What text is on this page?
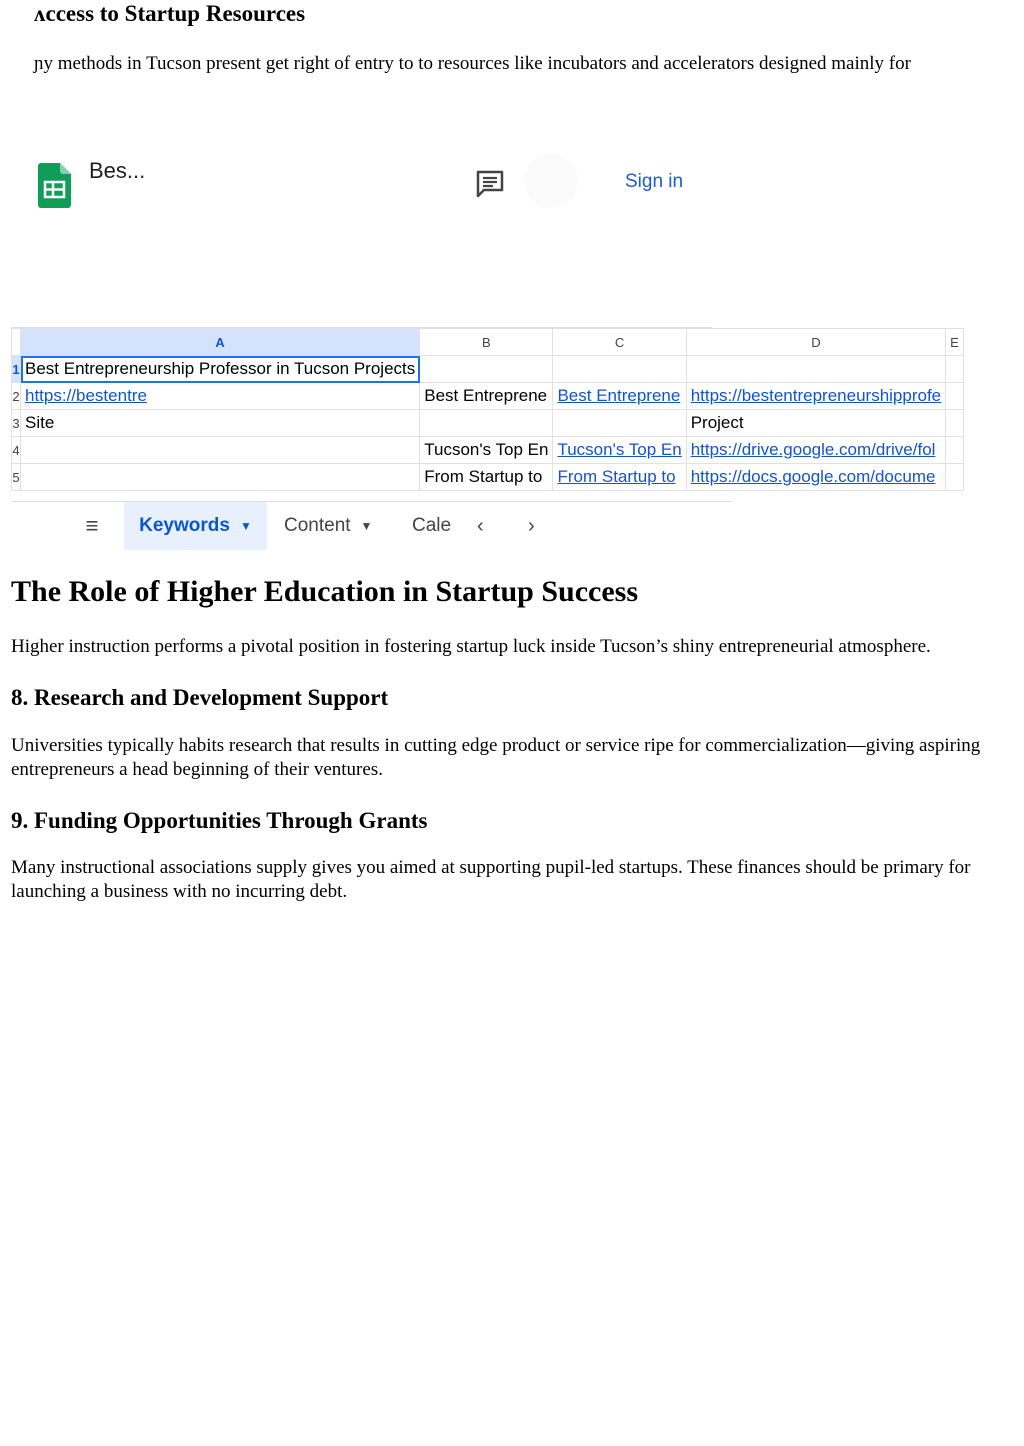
ʌccess to Startup Resources
ɲy methods in Tucson present get right of entry to to resources like incubators and accelerators designed mainly for

Bes...	Sign in
	A	B	C	D	E
1	Best Entrepreneurship Professor in Tucson Projects				
2	https://bestentre	Best Entreprene	Best Entreprene	https://bestentrepreneurshipprofe	
3	Site			Project	
4		Tucson's Top En	Tucson's Top En	https://drive.google.com/drive/fol	
5		From Startup to	From Startup to	https://docs.google.com/docume	
≡	Keywords ▼	Content ▼ Cale ‹ ›
The Role of Higher Education in Startup Success
Higher instruction performs a pivotal position in fostering startup luck inside Tucson’s shiny entrepreneurial atmosphere.
8. Research and Development Support
Universities typically habits research that results in cutting edge product or service ripe for commercialization—giving aspiring entrepreneurs a head beginning of their ventures.
9. Funding Opportunities Through Grants
Many instructional associations supply gives you aimed at supporting pupil-led startups. These finances should be primary for launching a business with no incurring debt.
